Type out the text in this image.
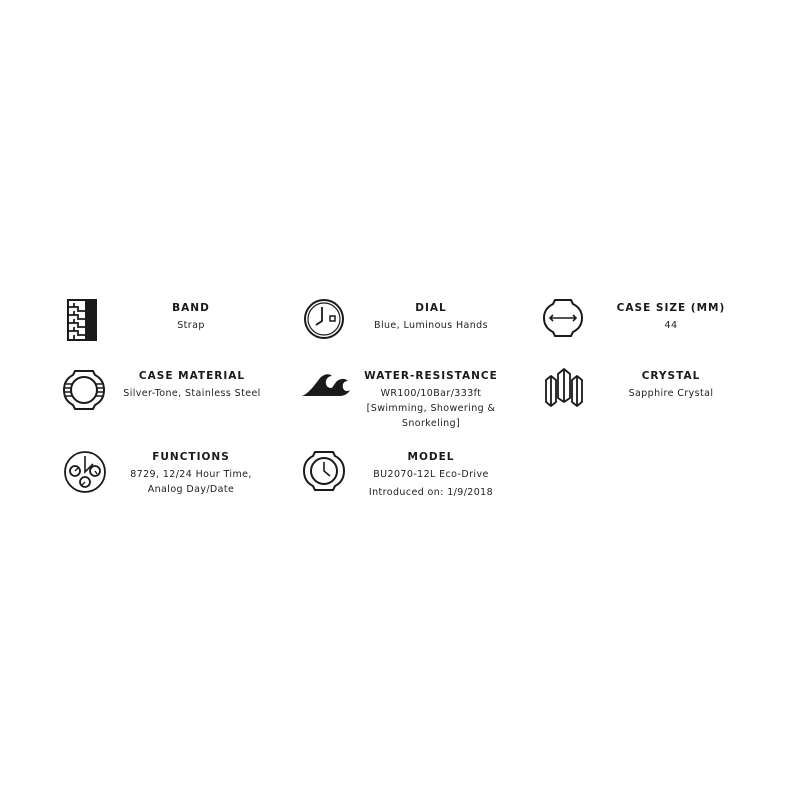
BAND
Strap
DIAL
Blue, Luminous Hands
CASE SIZE (MM)
44
CASE MATERIAL
Silver-Tone, Stainless Steel
WATER-RESISTANCE
WR100/10Bar/333ft
[Swimming, Showering &
Snorkeling]
CRYSTAL
Sapphire Crystal
FUNCTIONS
8729, 12/24 Hour Time,
Analog Day/Date
MODEL
BU2070-12L Eco-Drive
Introduced on: 1/9/2018
